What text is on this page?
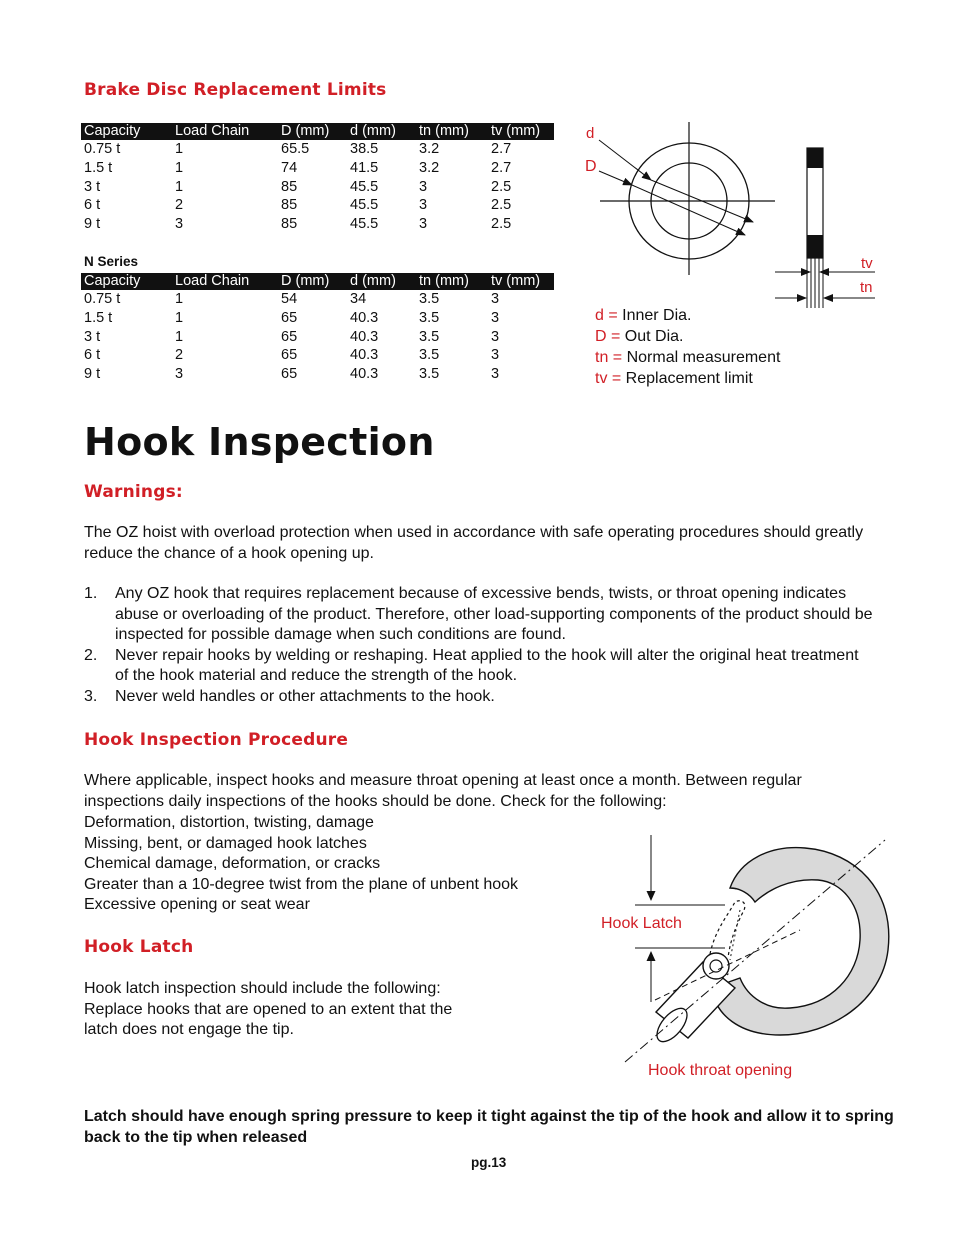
Brake Disc Replacement Limits
Capacity	Load Chain	D (mm)	d (mm)	tn (mm)	tv (mm)
0.75 t	1	65.5	38.5	3.2	2.7
1.5 t	1	74	41.5	3.2	2.7
3 t	1	85	45.5	3	2.5
6 t	2	85	45.5	3	2.5
9 t	3	85	45.5	3	2.5
N Series
Capacity	Load Chain	D (mm)	d (mm)	tn (mm)	tv (mm)
0.75 t	1	54	34	3.5	3
1.5 t	1	65	40.3	3.5	3
3 t	1	65	40.3	3.5	3
6 t	2	65	40.3	3.5	3
9 t	3	65	40.3	3.5	3
d
D
tv
tn
d = Inner Dia.
D = Out Dia.
tn = Normal measurement
tv = Replacement limit
Hook Inspection
Warnings:
The OZ hoist with overload protection when used in accordance with safe operating procedures should greatly reduce the chance of a hook opening up.
1. Any OZ hook that requires replacement because of excessive bends, twists, or throat opening indicates abuse or overloading of the product. Therefore, other load-supporting components of the product should be inspected for possible damage when such conditions are found.
2. Never repair hooks by welding or reshaping. Heat applied to the hook will alter the original heat treatment of the hook material and reduce the strength of the hook.
3. Never weld handles or other attachments to the hook.
Hook Inspection Procedure
Where applicable, inspect hooks and measure throat opening at least once a month. Between regular inspections daily inspections of the hooks should be done. Check for the following:
Deformation, distortion, twisting, damage
Missing, bent, or damaged hook latches
Chemical damage, deformation, or cracks
Greater than a 10-degree twist from the plane of unbent hook
Excessive opening or seat wear
Hook Latch
Hook latch inspection should include the following:
Replace hooks that are opened to an extent that the latch does not engage the tip.
Hook Latch
Hook throat opening
Latch should have enough spring pressure to keep it tight against the tip of the hook and allow it to spring back to the tip when released
pg.13
